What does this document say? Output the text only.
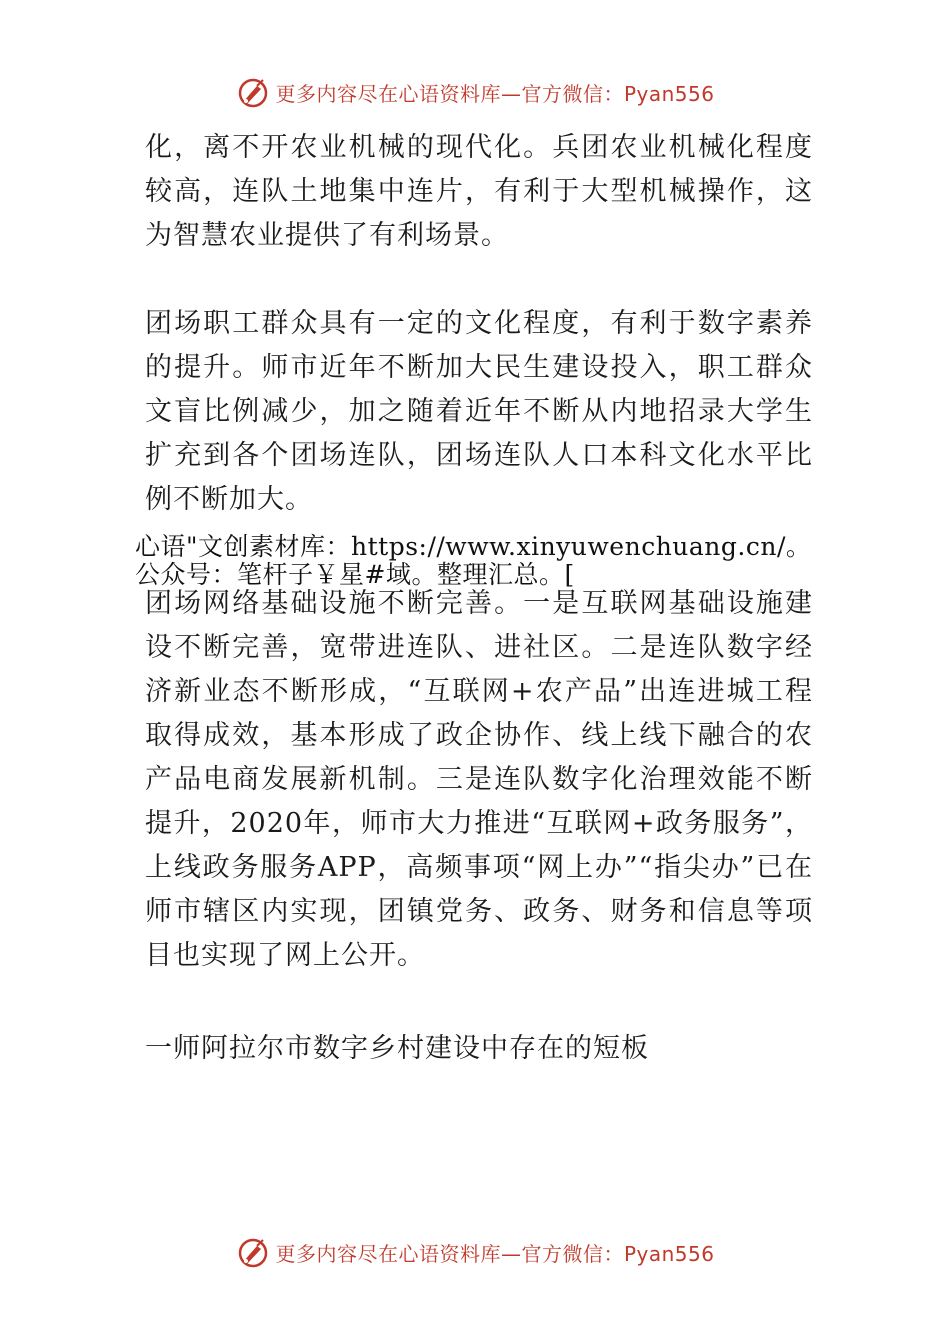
更多内容尽在心语资料库—官方微信：Pyan556

化，离不开农业机械的现代化。兵团农业机械化程度较高，连队土地集中连片，有利于大型机械操作，这为智慧农业提供了有利场景。

团场职工群众具有一定的文化程度，有利于数字素养的提升。师市近年不断加大民生建设投入，职工群众文盲比例减少，加之随着近年不断从内地招录大学生扩充到各个团场连队，团场连队人口本科文化水平比例不断加大。

心语"文创素材库：https://www.xinyuwenchuang.cn/。公众号：笔杆子￥星#域。整理汇总。[

团场网络基础设施不断完善。一是互联网基础设施建设不断完善，宽带进连队、进社区。二是连队数字经济新业态不断形成，“互联网+农产品”出连进城工程取得成效，基本形成了政企协作、线上线下融合的农产品电商发展新机制。三是连队数字化治理效能不断提升，2020年，师市大力推进“互联网+政务服务”，上线政务服务APP，高频事项“网上办”“指尖办”已在师市辖区内实现，团镇党务、政务、财务和信息等项目也实现了网上公开。

一师阿拉尔市数字乡村建设中存在的短板
更多内容尽在心语资料库—官方微信：Pyan556
